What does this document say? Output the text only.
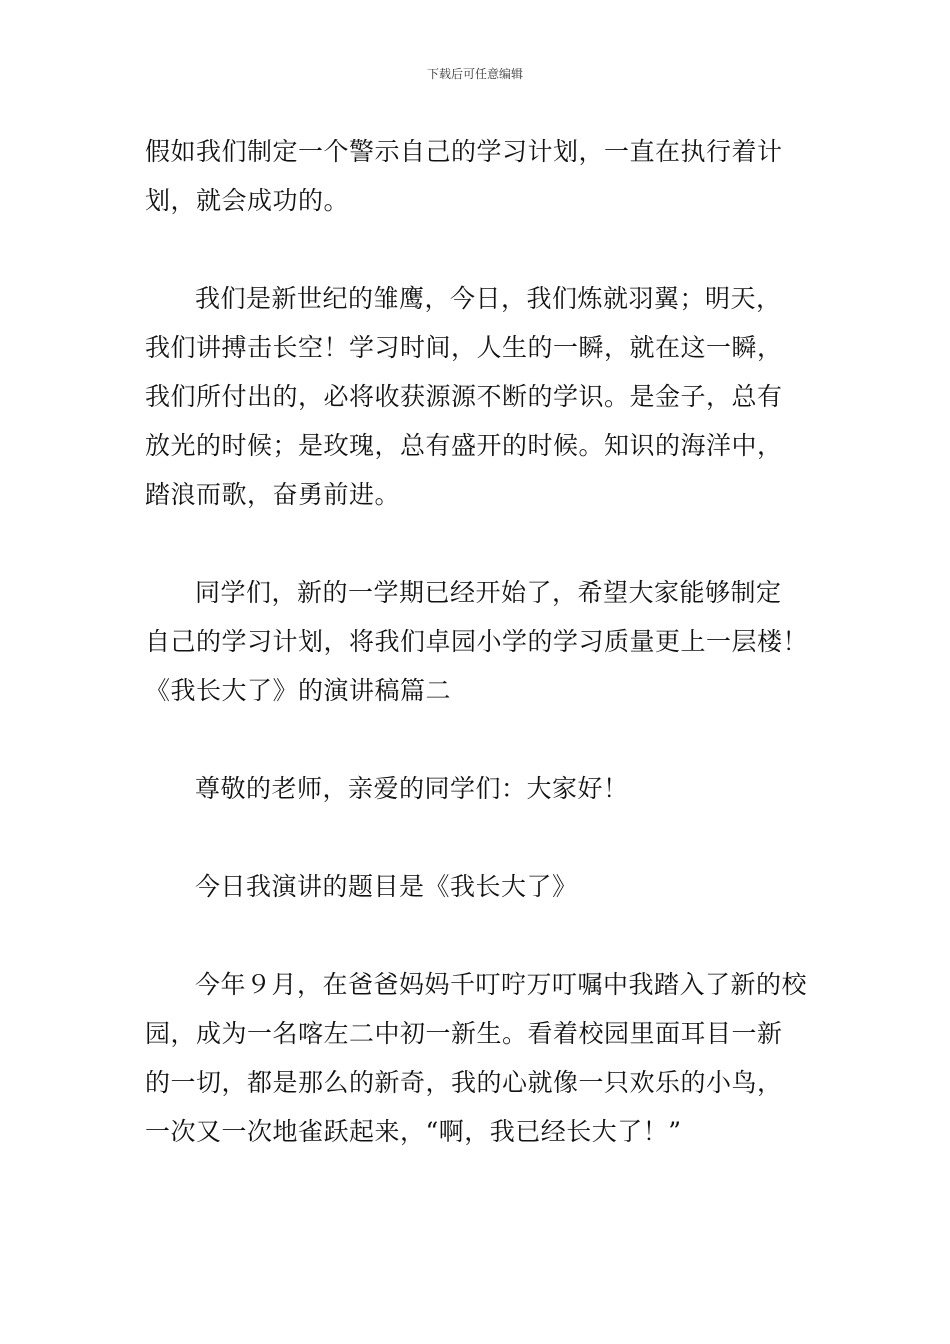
下载后可任意编辑
假如我们制定一个警示自己的学习计划，一直在执行着计
划，就会成功的。
我们是新世纪的雏鹰，今日，我们炼就羽翼；明天，
我们讲搏击长空！学习时间，人生的一瞬，就在这一瞬，
我们所付出的，必将收获源源不断的学识。是金子，总有
放光的时候；是玫瑰，总有盛开的时候。知识的海洋中，
踏浪而歌，奋勇前进。
同学们，新的一学期已经开始了，希望大家能够制定
自己的学习计划，将我们卓园小学的学习质量更上一层楼！
《我长大了》的演讲稿篇二
尊敬的老师，亲爱的同学们：大家好！
今日我演讲的题目是《我长大了》
今年９月，在爸爸妈妈千叮咛万叮嘱中我踏入了新的校
园，成为一名喀左二中初一新生。看着校园里面耳目一新
的一切，都是那么的新奇，我的心就像一只欢乐的小鸟，
一次又一次地雀跃起来，“啊，我已经长大了！”
